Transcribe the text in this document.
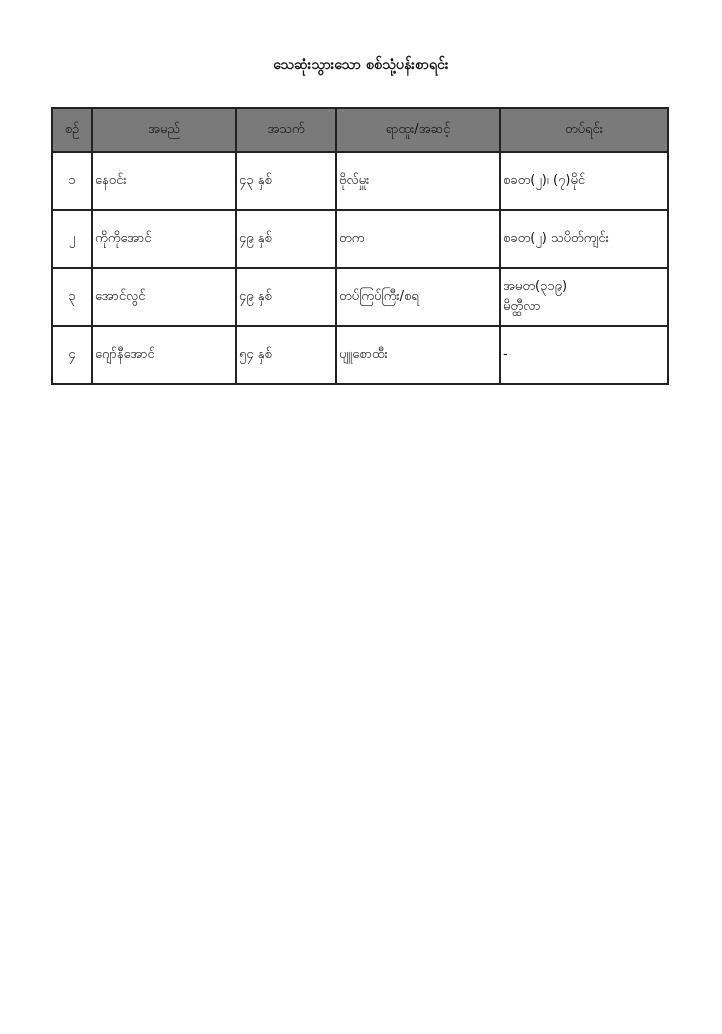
သေဆုံးသွားသော စစ်သုံ့ပန်းစာရင်း
စဉ်	အမည်	အသက်	ရာထူး/အဆင့်	တပ်ရင်း
၁	နေဝင်း	၄၃ နှစ်	ဗိုလ်မှူး	စခတ(၂)၊ (၇)မိုင်

၂	ကိုကိုအောင်	၄၉ နှစ်	တက	စခတ(၂) သပိတ်ကျင်း

၃	အောင်လွင်	၄၉ နှစ်	တပ်ကြပ်ကြီး/စရ	အမတ(၃၁၉)
မိတ္ထီလာ

၄	ဂျော်နီအောင်	၅၄ နှစ်	ပျူစောထီး	-
